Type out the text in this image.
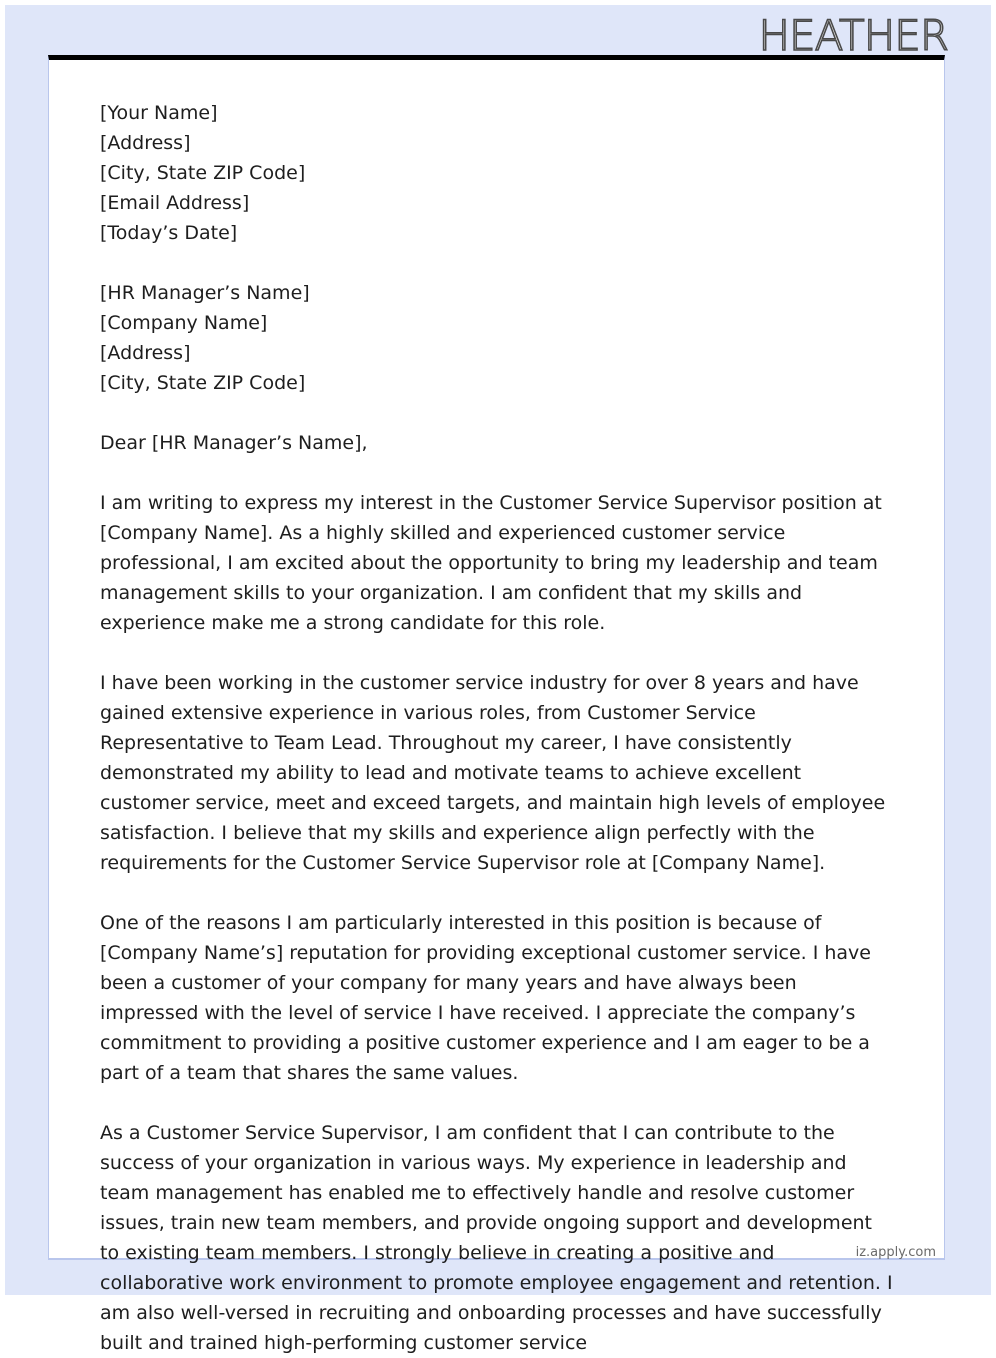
HEATHER

[Your Name]
[Address]
[City, State ZIP Code]
[Email Address]
[Today’s Date]

[HR Manager’s Name]
[Company Name]
[Address]
[City, State ZIP Code]

Dear [HR Manager’s Name],

I am writing to express my interest in the Customer Service Supervisor position at [Company Name]. As a highly skilled and experienced customer service professional, I am excited about the opportunity to bring my leadership and team management skills to your organization. I am confident that my skills and experience make me a strong candidate for this role.

I have been working in the customer service industry for over 8 years and have gained extensive experience in various roles, from Customer Service Representative to Team Lead. Throughout my career, I have consistently demonstrated my ability to lead and motivate teams to achieve excellent customer service, meet and exceed targets, and maintain high levels of employee satisfaction. I believe that my skills and experience align perfectly with the requirements for the Customer Service Supervisor role at [Company Name].

One of the reasons I am particularly interested in this position is because of [Company Name’s] reputation for providing exceptional customer service. I have been a customer of your company for many years and have always been impressed with the level of service I have received. I appreciate the company’s commitment to providing a positive customer experience and I am eager to be a part of a team that shares the same values.

As a Customer Service Supervisor, I am confident that I can contribute to the success of your organization in various ways. My experience in leadership and team management has enabled me to effectively handle and resolve customer issues, train new team members, and provide ongoing support and development to existing team members. I strongly believe in creating a positive and collaborative work environment to promote employee engagement and retention. I am also well-versed in recruiting and onboarding processes and have successfully built and trained high-performing customer service

iz.apply.com
